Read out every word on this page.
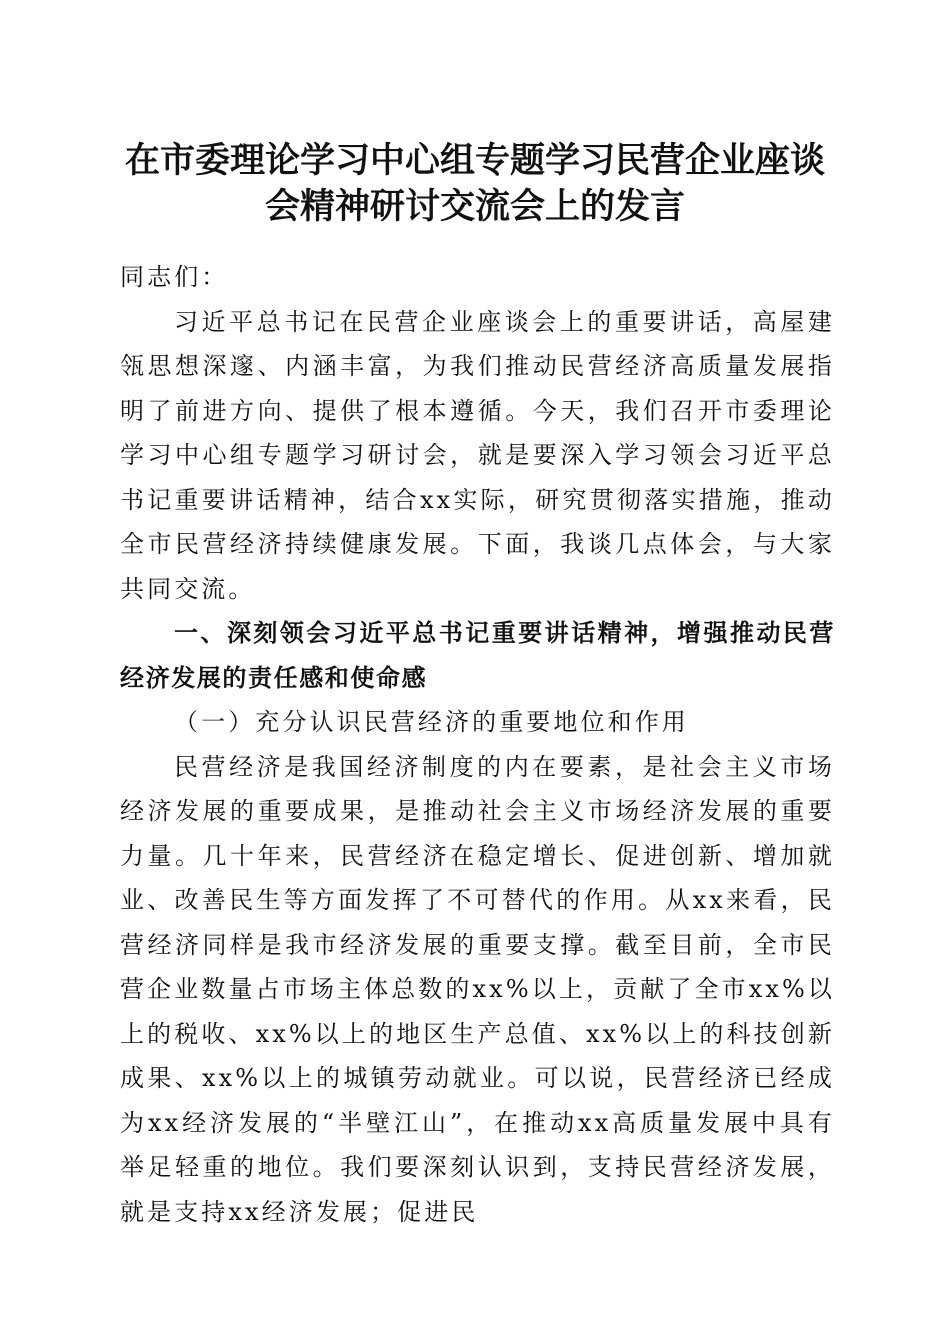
在市委理论学习中心组专题学习民营企业座谈
会精神研讨交流会上的发言

同志们：

习近平总书记在民营企业座谈会上的重要讲话，高屋建瓴思想深邃、内涵丰富，为我们推动民营经济高质量发展指明了前进方向、提供了根本遵循。今天，我们召开市委理论学习中心组专题学习研讨会，就是要深入学习领会习近平总书记重要讲话精神，结合xx实际，研究贯彻落实措施，推动全市民营经济持续健康发展。下面，我谈几点体会，与大家共同交流。

一、深刻领会习近平总书记重要讲话精神，增强推动民营经济发展的责任感和使命感

（一）充分认识民营经济的重要地位和作用

民营经济是我国经济制度的内在要素，是社会主义市场经济发展的重要成果，是推动社会主义市场经济发展的重要力量。几十年来，民营经济在稳定增长、促进创新、增加就业、改善民生等方面发挥了不可替代的作用。从xx来看，民营经济同样是我市经济发展的重要支撑。截至目前，全市民营企业数量占市场主体总数的xx%以上，贡献了全市xx%以上的税收、xx%以上的地区生产总值、xx%以上的科技创新成果、xx%以上的城镇劳动就业。可以说，民营经济已经成为xx经济发展的“半壁江山”，在推动xx高质量发展中具有举足轻重的地位。我们要深刻认识到，支持民营经济发展，就是支持xx经济发展；促进民
